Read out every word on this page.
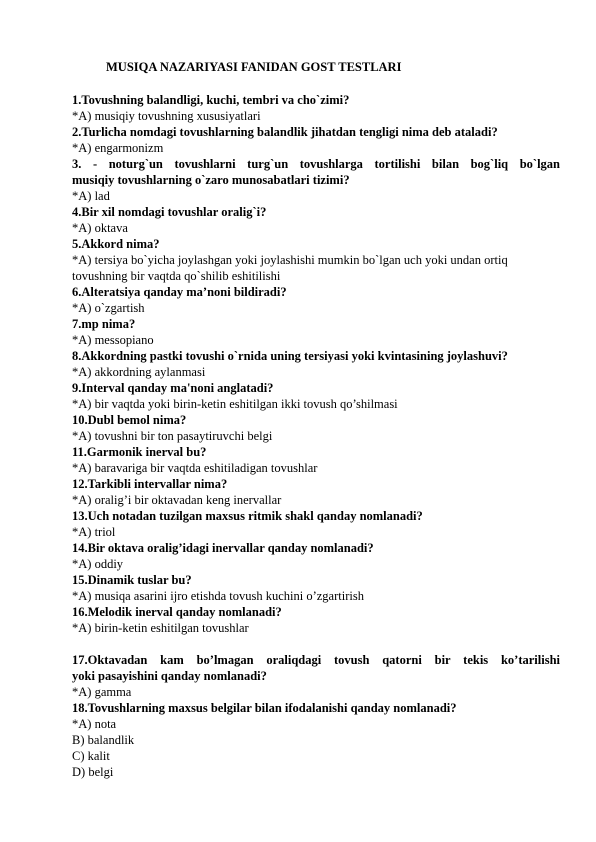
MUSIQA NAZARIYASI FANIDAN GOST TESTLARI

1.Tovushning balandligi, kuchi, tembri va cho`zimi?

*A) musiqiy tovushning xususiyatlari

2.Turlicha nomdagi tovushlarning balandlik jihatdan tengligi nima deb ataladi?

*A) engarmonizm

3. - noturg`un tovushlarni turg`un tovushlarga tortilishi bilan bog`liq bo`lgan

musiqiy tovushlarning o`zaro munosabatlari tizimi?

*A) lad

4.Bir xil nomdagi tovushlar oralig`i?

*A) oktava

5.Akkord nima?

*A) tersiya bo`yicha joylashgan yoki joylashishi mumkin bo`lgan uch yoki undan ortiq

tovushning bir vaqtda qo`shilib eshitilishi

6.Alteratsiya qanday ma’noni bildiradi?

*A) o`zgartish

7.mp nima?

*A) messopiano

8.Akkordning pastki tovushi o`rnida uning tersiyasi yoki kvintasining joylashuvi?

*A) akkordning aylanmasi

9.Interval qanday ma'noni anglatadi?

*A) bir vaqtda yoki birin-ketin eshitilgan ikki tovush qo’shilmasi

10.Dubl bemol nima?

*A) tovushni bir ton pasaytiruvchi belgi

11.Garmonik inerval bu?

*A) baravariga bir vaqtda eshitiladigan tovushlar

12.Tarkibli intervallar nima?

*A) oralig’i bir oktavadan keng inervallar

13.Uch notadan tuzilgan maxsus ritmik shakl qanday nomlanadi?

*A) triol

14.Bir oktava oralig’idagi inervallar qanday nomlanadi?

*A) oddiy

15.Dinamik tuslar bu?

*A) musiqa asarini ijro etishda tovush kuchini o’zgartirish

16.Melodik inerval qanday nomlanadi?

*A) birin-ketin eshitilgan tovushlar

17.Oktavadan kam bo’lmagan oraliqdagi tovush qatorni bir tekis ko’tarilishi

yoki pasayishini qanday nomlanadi?

*A) gamma

18.Tovushlarning maxsus belgilar bilan ifodalanishi qanday nomlanadi?

*A) nota

B) balandlik

C) kalit

D) belgi
